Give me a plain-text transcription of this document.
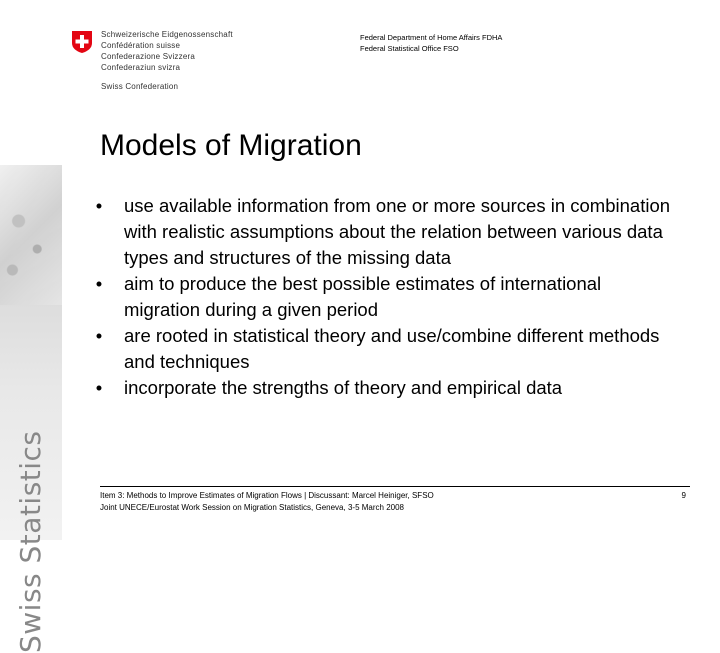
Swiss Statistics
Schweizerische Eidgenossenschaft
Confédération suisse
Confederazione Svizzera
Confederaziun svizra
Swiss Confederation
Federal Department of Home Affairs FDHA
Federal Statistical Office FSO
Models of Migration
• use available information from one or more sources in combination with realistic assumptions about the relation between various data types and structures of the missing data
• aim to produce the best possible estimates of international migration during a given period
• are rooted in statistical theory and use/combine different methods and techniques
• incorporate the strengths of theory and empirical data
Item 3: Methods to Improve Estimates of Migration Flows | Discussant: Marcel Heiniger, SFSO
Joint UNECE/Eurostat Work Session on Migration Statistics, Geneva, 3-5 March 2008
9
